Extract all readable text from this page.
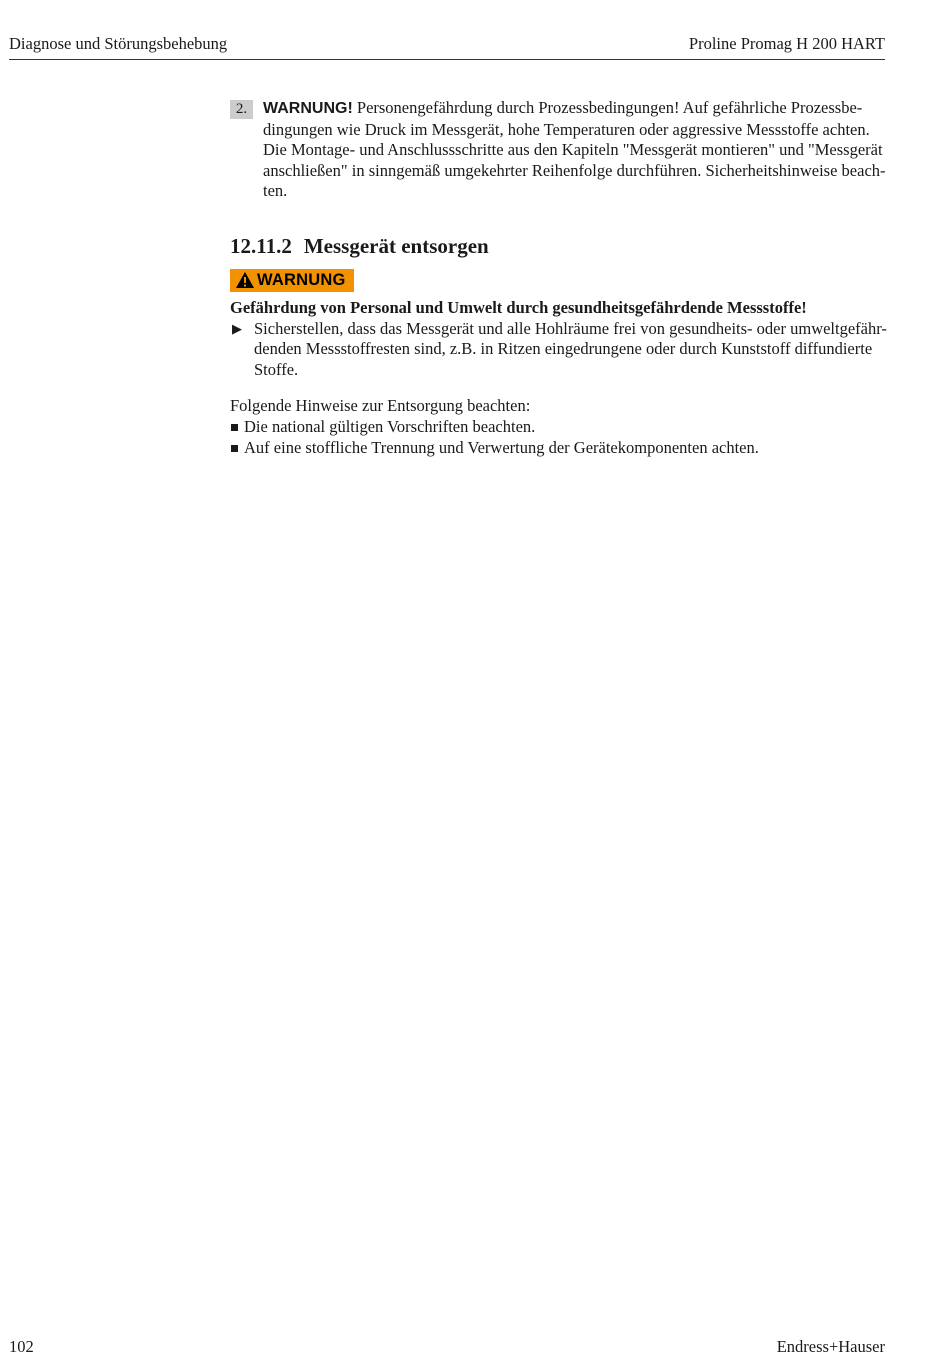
Diagnose und Störungsbehebung	Proline Promag H 200 HART
2. WARNUNG! Personengefährdung durch Prozessbedingungen! Auf gefährliche Prozessbe-
dingungen wie Druck im Messgerät, hohe Temperaturen oder aggressive Messstoffe achten.
Die Montage- und Anschlussschritte aus den Kapiteln "Messgerät montieren" und "Messgerät
anschließen" in sinngemäß umgekehrter Reihenfolge durchführen. Sicherheitshinweise beach-
ten.
12.11.2 Messgerät entsorgen
WARNUNG
Gefährdung von Personal und Umwelt durch gesundheitsgefährdende Messstoffe!
▶ Sicherstellen, dass das Messgerät und alle Hohlräume frei von gesundheits- oder umweltgefähr-
denden Messstoffresten sind, z.B. in Ritzen eingedrungene oder durch Kunststoff diffundierte
Stoffe.
Folgende Hinweise zur Entsorgung beachten:
Die national gültigen Vorschriften beachten.
Auf eine stoffliche Trennung und Verwertung der Gerätekomponenten achten.
102	Endress+Hauser
